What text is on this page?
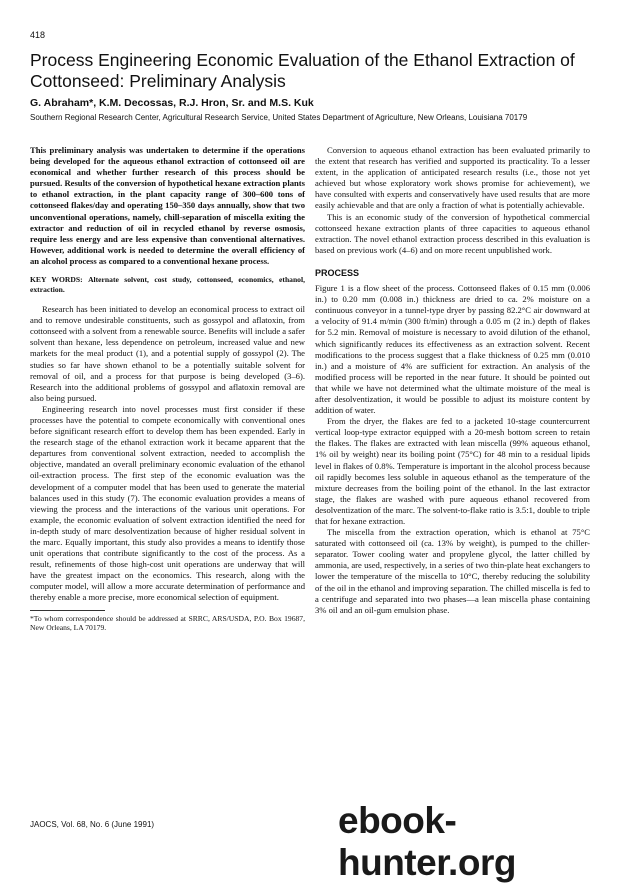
418
Process Engineering Economic Evaluation of the Ethanol Extraction of Cottonseed: Preliminary Analysis
G. Abraham*, K.M. Decossas, R.J. Hron, Sr. and M.S. Kuk
Southern Regional Research Center, Agricultural Research Service, United States Department of Agriculture, New Orleans, Louisiana 70179

This preliminary analysis was undertaken to determine if the operations being developed for the aqueous ethanol extraction of cottonseed oil are economical and whether further research of this process should be pursued. Results of the conversion of hypothetical hexane extraction plants to ethanol extraction, in the plant capacity range of 300–600 tons of cottonseed flakes/day and operating 150–350 days annually, show that two unconventional operations, namely, chill-separation of miscella exiting the extractor and reduction of oil in recycled ethanol by reverse osmosis, require less energy and are less expensive than conventional alternatives. However, additional work is needed to determine the overall efficiency of an alcohol process as compared to a conventional hexane process.

KEY WORDS: Alternate solvent, cost study, cottonseed, economics, ethanol, extraction.

Research has been initiated to develop an economical process to extract oil and to remove undesirable constituents, such as gossypol and aflatoxin, from cottonseed with a solvent from a renewable source. Benefits will include a safer solvent than hexane, less dependence on petroleum, increased value and new markets for the meal product (1), and a potential supply of gossypol (2). The studies so far have shown ethanol to be a potentially suitable solvent for removal of oil, and a process for that purpose is being developed (3–6). Research into the additional problems of gossypol and aflatoxin removal are also being pursued.

Engineering research into novel processes must first consider if these processes have the potential to compete economically with conventional ones before significant research effort to develop them has been expended. Early in the research stage of the ethanol extraction work it became apparent that the departures from conventional solvent extraction, needed to accomplish the objective, mandated an overall preliminary economic evaluation of the ethanol oil-extraction process. The first step of the economic evaluation was the development of a computer model that has been used to generate the material balances used in this study (7). The economic evaluation provides a means of viewing the process and the interactions of the various unit operations. For example, the economic evaluation of solvent extraction identified the need for in-depth study of marc desolventization because of higher residual solvent in the marc. Equally important, this study also provides a means to identify those unit operations that contribute significantly to the cost of the process. As a result, refinements of those high-cost unit operations are underway that will have the greatest impact on the economics. This research, along with the computer model, will allow a more accurate determination of performance and thereby enable a more precise, more economical selection of equipment.

*To whom correspondence should be addressed at SRRC, ARS/USDA, P.O. Box 19687, New Orleans, LA 70179.

Conversion to aqueous ethanol extraction has been evaluated primarily to the extent that research has verified and supported its practicality. To a lesser extent, in the application of anticipated research results (i.e., those not yet achieved but whose exploratory work shows promise for achievement), we have consulted with experts and conservatively have used results that are more easily achievable and that are only a fraction of what is potentially achievable.

This is an economic study of the conversion of hypothetical commercial cottonseed hexane extraction plants of three capacities to aqueous ethanol extraction. The novel ethanol extraction process described in this evaluation is based on previous work (4–6) and on more recent unpublished work.

PROCESS

Figure 1 is a flow sheet of the process. Cottonseed flakes of 0.15 mm (0.006 in.) to 0.20 mm (0.008 in.) thickness are dried to ca. 2% moisture on a continuous conveyor in a tunnel-type dryer by passing 82.2°C air downward at a velocity of 91.4 m/min (300 ft/min) through a 0.05 m (2 in.) depth of flakes for 5.2 min. Removal of moisture is necessary to avoid dilution of the ethanol, which significantly reduces its effectiveness as an extraction solvent. Recent modifications to the process suggest that a flake thickness of 0.25 mm (0.010 in.) and a moisture of 4% are sufficient for extraction. An analysis of the modified process will be reported in the near future. It should be pointed out that while we have not determined what the ultimate moisture of the meal is after desolventization, it would be possible to adjust its moisture content by addition of water.

From the dryer, the flakes are fed to a jacketed 10-stage countercurrent vertical loop-type extractor equipped with a 20-mesh bottom screen to retain the flakes. The flakes are extracted with lean miscella (99% aqueous ethanol, 1% oil by weight) near its boiling point (75°C) for 48 min to a residual lipids level in flakes of 0.8%. Temperature is important in the alcohol process because oil rapidly becomes less soluble in aqueous ethanol as the temperature of the mixture decreases from the boiling point of the ethanol. In the last extractor stage, the flakes are washed with pure aqueous ethanol recovered from desolventization of the marc. The solvent-to-flake ratio is 3.5:1, double to triple that for hexane extraction.

The miscella from the extraction operation, which is ethanol at 75°C saturated with cottonseed oil (ca. 13% by weight), is pumped to the chiller-separator. Tower cooling water and propylene glycol, the latter chilled by ammonia, are used, respectively, in a series of two thin-plate heat exchangers to lower the temperature of the miscella to 10°C, thereby reducing the solubility of the oil in the ethanol and improving separation. The chilled miscella is fed to a centrifuge and separated into two phases—a lean miscella phase containing 3% oil and an oil-gum emulsion phase.

JAOCS, Vol. 68, No. 6 (June 1991)	ebook-hunter.org
